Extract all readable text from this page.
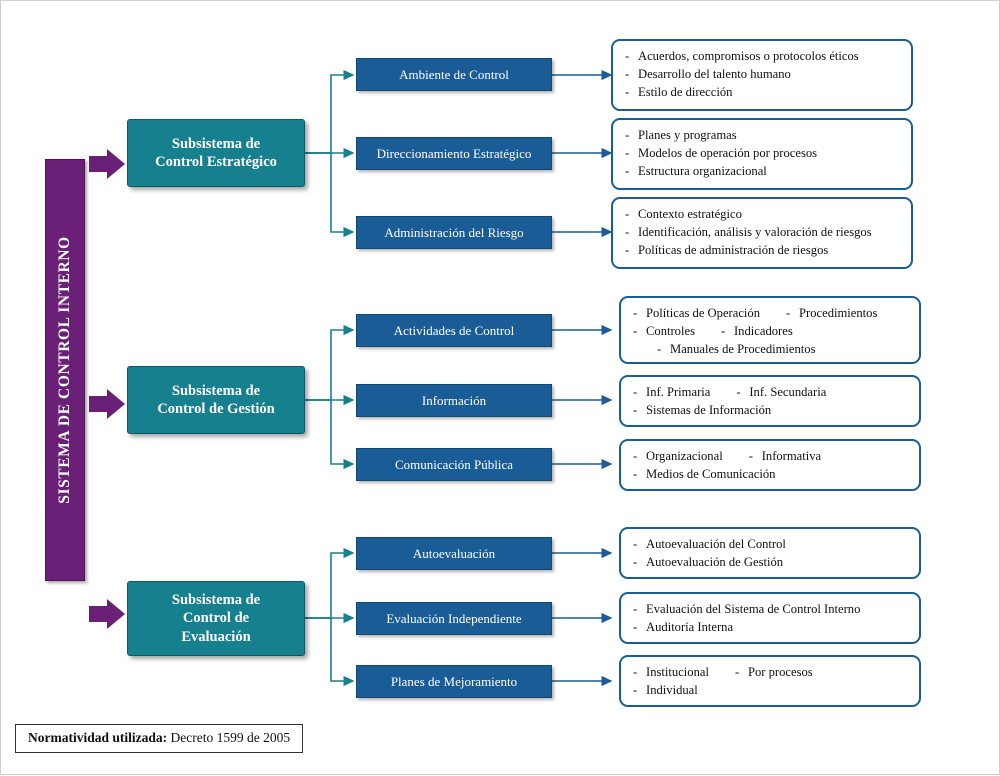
SISTEMA DE CONTROL INTERNO
Subsistema de
Control Estratégico
Subsistema de
Control de Gestión
Subsistema de
Control de
Evaluación
Ambiente de Control
Direccionamiento Estratégico
Administración del Riesgo
Actividades de Control
Información
Comunicación Pública
Autoevaluación
Evaluación Independiente
Planes de Mejoramiento
- Acuerdos, compromisos o protocolos éticos
- Desarrollo del talento humano
- Estilo de dirección
- Planes y programas
- Modelos de operación por procesos
- Estructura organizacional
- Contexto estratégico
- Identificación, análisis y valoración de riesgos
- Políticas de administración de riesgos
- Políticas de Operación - Procedimientos
- Controles - Indicadores
- Manuales de Procedimientos
- Inf. Primaria - Inf. Secundaria
- Sistemas de Información
- Organizacional - Informativa
- Medios de Comunicación
- Autoevaluación del Control
- Autoevaluación de Gestión
- Evaluación del Sistema de Control Interno
- Auditoría Interna
- Institucional - Por procesos
- Individual
Normatividad utilizada: Decreto 1599 de 2005
